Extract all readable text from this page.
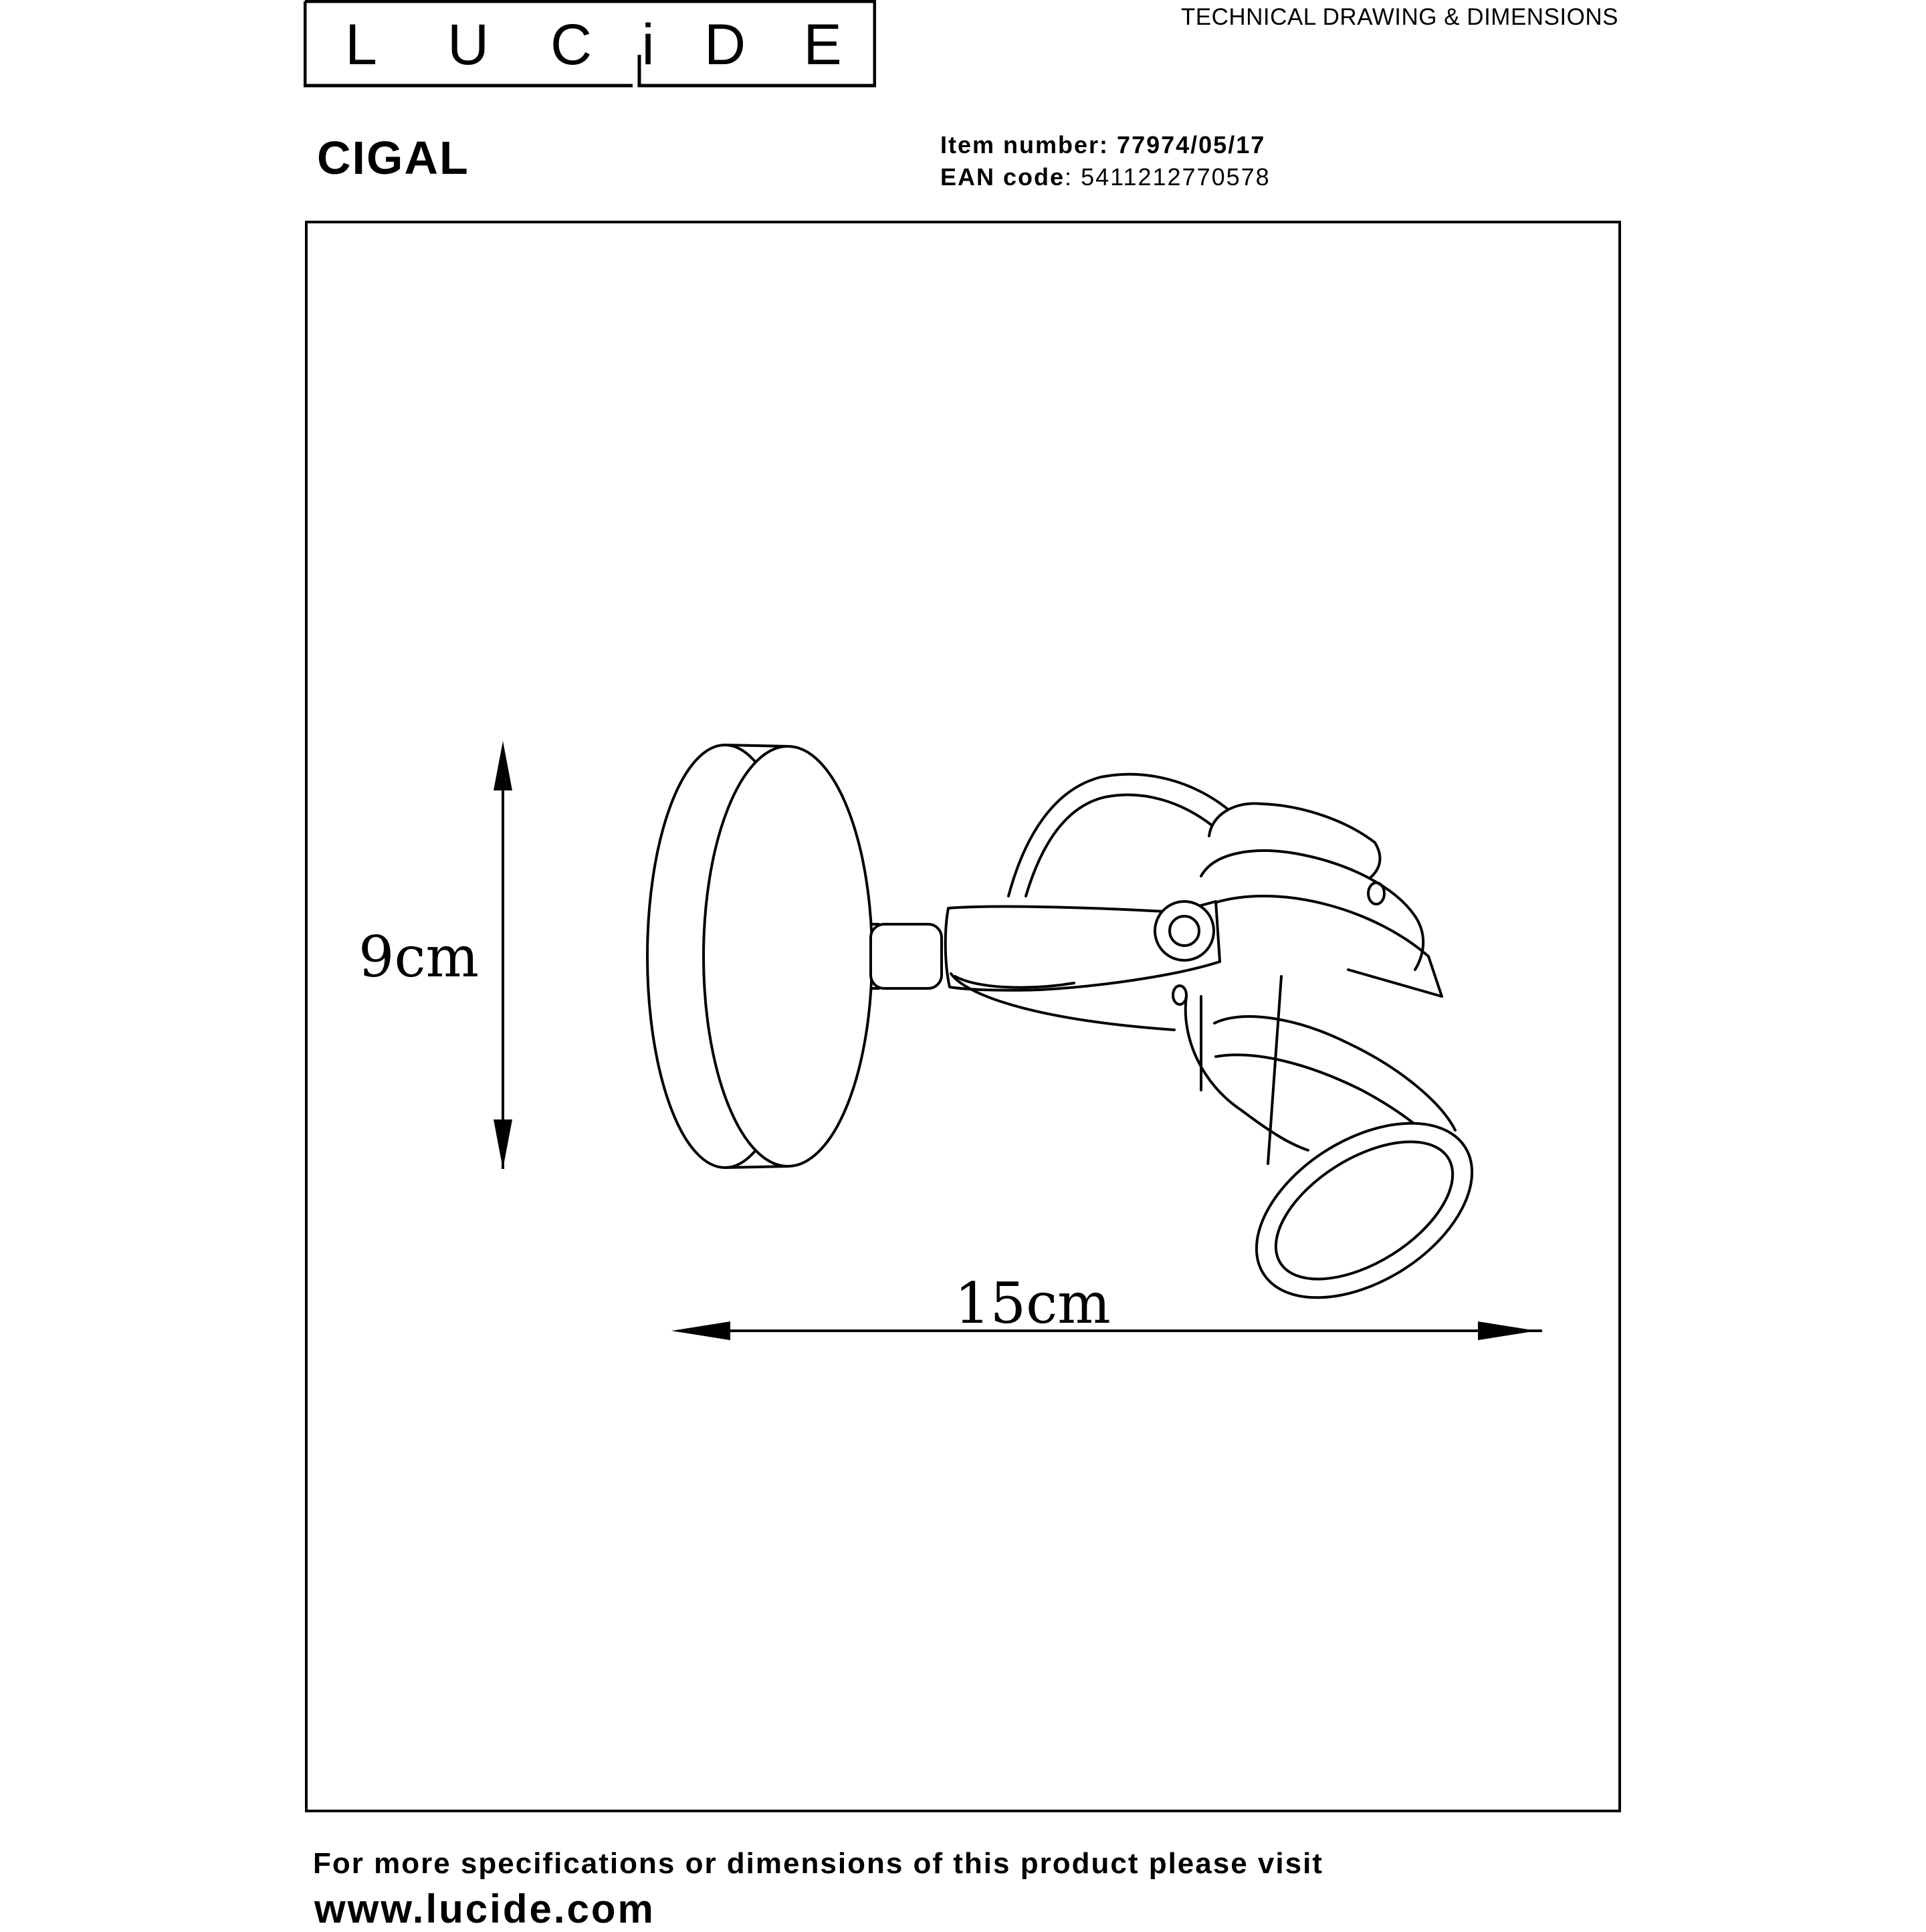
L U C i D E	TECHNICAL DRAWING & DIMENSIONS
CIGAL	Item number: 77974/05/17
EAN code: 5411212770578
9cm
15cm
For more specifications or dimensions of this product please visit
www.lucide.com
